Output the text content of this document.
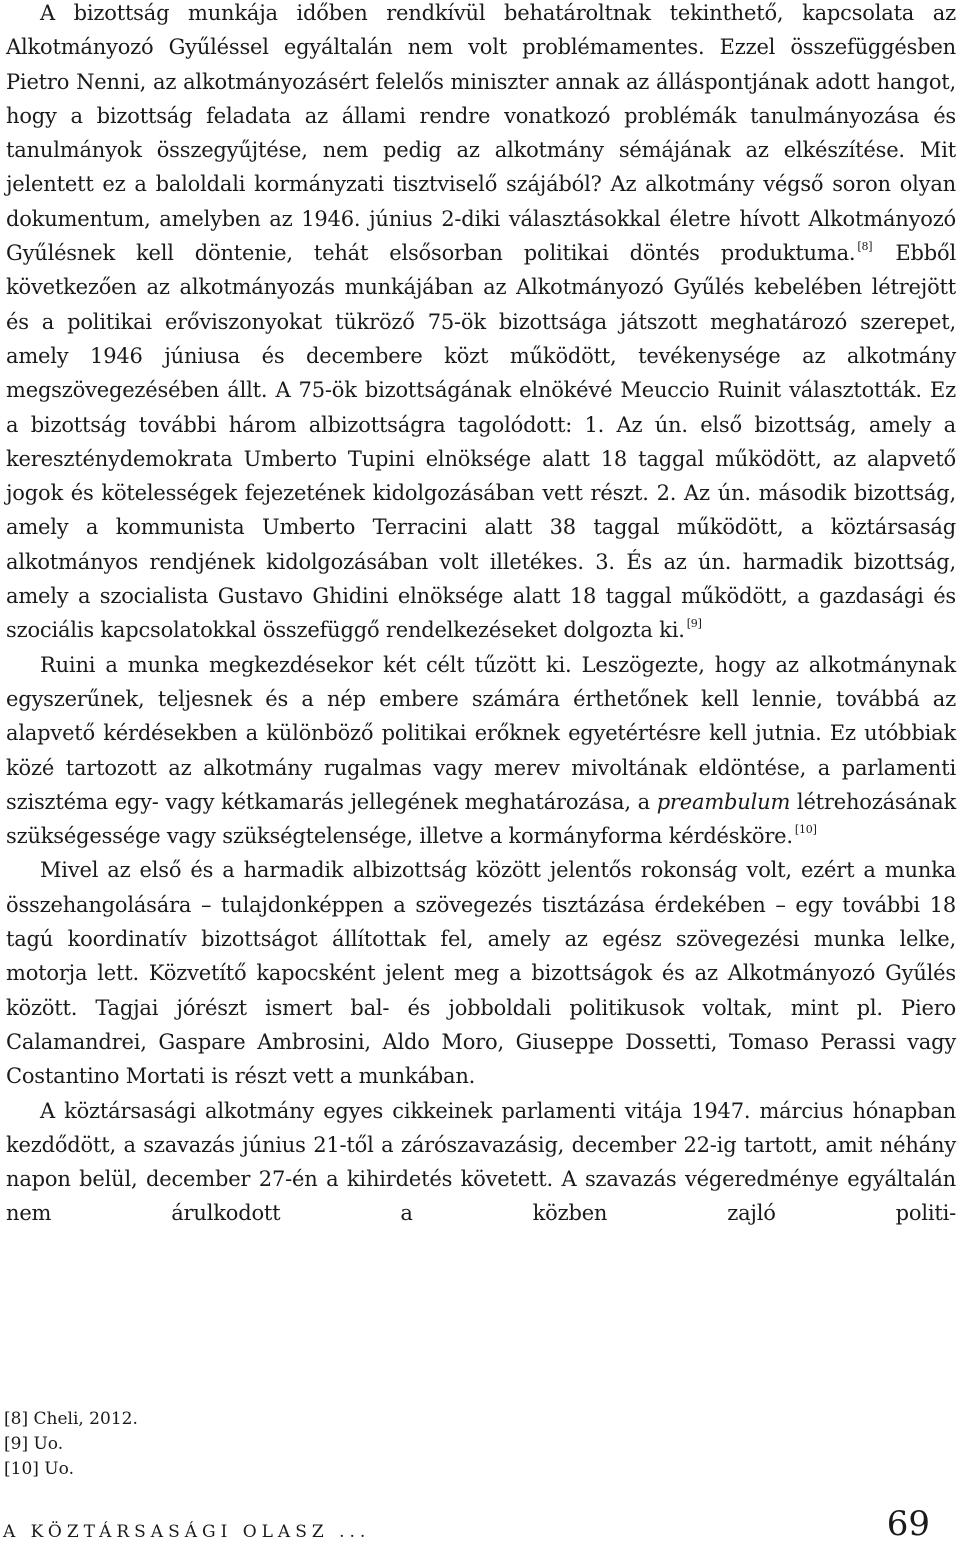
A bizottság munkája időben rendkívül behatároltnak tekinthető, kapcsolata az Alkotmányozó Gyűléssel egyáltalán nem volt problémamentes. Ezzel összefüggésben Pietro Nenni, az alkotmányozásért felelős miniszter annak az álláspontjának adott hangot, hogy a bizottság feladata az állami rendre vonatkozó problémák tanulmányozása és tanulmányok összegyűjtése, nem pedig az alkotmány sémájának az elkészítése. Mit jelentett ez a baloldali kormányzati tisztviselő szájából? Az alkotmány végső soron olyan dokumentum, amelyben az 1946. június 2-diki választásokkal életre hívott Alkotmányozó Gyűlésnek kell döntenie, tehát elsősorban politikai döntés produktuma. [8] Ebből következően az alkotmányozás munkájában az Alkotmányozó Gyűlés kebelében létrejött és a politikai erőviszonyokat tükröző 75-ök bizottsága játszott meghatározó szerepet, amely 1946 júniusa és decembere közt működött, tevékenysége az alkotmány megszövegezésében állt. A 75-ök bizottságának elnökévé Meuccio Ruinit választották. Ez a bizottság további három albizottságra tagolódott: 1. Az ún. első bizottság, amely a kereszténydemokrata Umberto Tupini elnöksége alatt 18 taggal működött, az alapvető jogok és kötelességek fejezetének kidolgozásában vett részt. 2. Az ún. második bizottság, amely a kommunista Umberto Terracini alatt 38 taggal működött, a köztársaság alkotmányos rendjének kidolgozásában volt illetékes. 3. És az ún. harmadik bizottság, amely a szocialista Gustavo Ghidini elnöksége alatt 18 taggal működött, a gazdasági és szociális kapcsolatokkal összefüggő rendelkezéseket dolgozta ki. [9]

Ruini a munka megkezdésekor két célt tűzött ki. Leszögezte, hogy az alkotmánynak egyszerűnek, teljesnek és a nép embere számára érthetőnek kell lennie, továbbá az alapvető kérdésekben a különböző politikai erőknek egyetértésre kell jutnia. Ez utóbbiak közé tartozott az alkotmány rugalmas vagy merev mivoltának eldöntése, a parlamenti szisztéma egy- vagy kétkamarás jellegének meghatározása, a preambulum létrehozásának szükségessége vagy szükségtelensége, illetve a kormányforma kérdésköre. [10]

Mivel az első és a harmadik albizottság között jelentős rokonság volt, ezért a munka összehangolására – tulajdonképpen a szövegezés tisztázása érdekében – egy további 18 tagú koordinatív bizottságot állítottak fel, amely az egész szövegezési munka lelke, motorja lett. Közvetítő kapocsként jelent meg a bizottságok és az Alkotmányozó Gyűlés között. Tagjai jórészt ismert bal- és jobboldali politikusok voltak, mint pl. Piero Calamandrei, Gaspare Ambrosini, Aldo Moro, Giuseppe Dossetti, Tomaso Perassi vagy Costantino Mortati is részt vett a munkában.

A köztársasági alkotmány egyes cikkeinek parlamenti vitája 1947. március hónapban kezdődött, a szavazás június 21-től a zárószavazásig, december 22-ig tartott, amit néhány napon belül, december 27-én a kihirdetés követett. A szavazás végeredménye egyáltalán nem árulkodott a közben zajló politi-

[8] Cheli, 2012.

[9] Uo.

[10] Uo.

A KÖZTÁRSASÁGI OLASZ ...	69
